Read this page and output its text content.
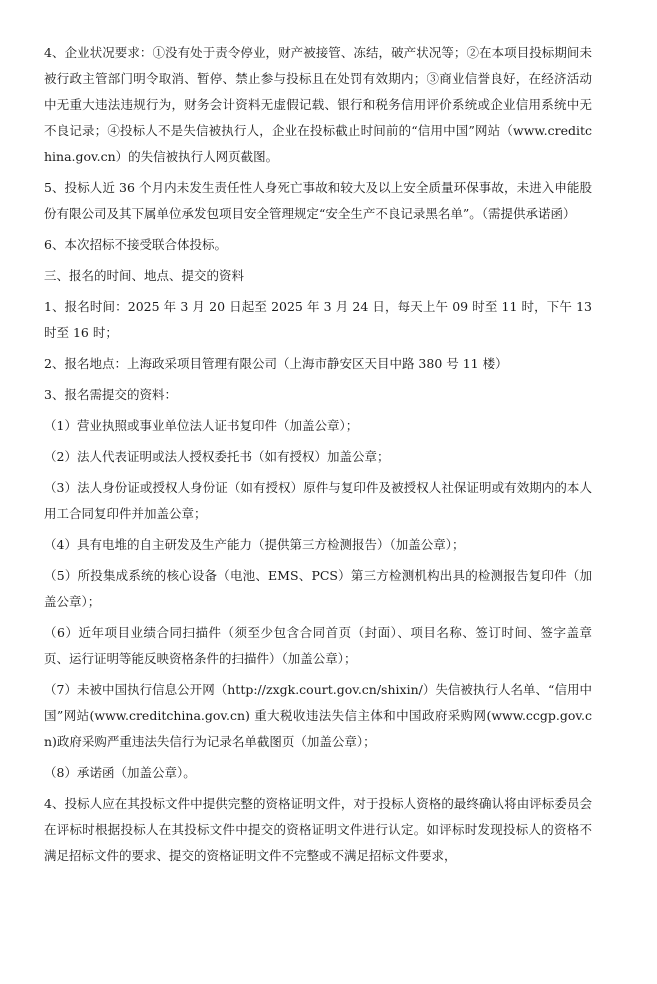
4、企业状况要求：①没有处于责令停业，财产被接管、冻结，破产状况等；②在本项目投标期间未被行政主管部门明令取消、暂停、禁止参与投标且在处罚有效期内；③商业信誉良好，在经济活动中无重大违法违规行为，财务会计资料无虚假记载、银行和税务信用评价系统或企业信用系统中无不良记录；④投标人不是失信被执行人，企业在投标截止时间前的“信用中国”网站（www.creditchina.gov.cn）的失信被执行人网页截图。

5、投标人近 36 个月内未发生责任性人身死亡事故和较大及以上安全质量环保事故，未进入申能股份有限公司及其下属单位承发包项目安全管理规定“安全生产不良记录黑名单”。（需提供承诺函）

6、本次招标不接受联合体投标。

三、报名的时间、地点、提交的资料

1、报名时间：2025 年 3 月 20 日起至 2025 年 3 月 24 日，每天上午 09 时至 11 时，下午 13 时至 16 时；

2、报名地点：上海政采项目管理有限公司（上海市静安区天目中路 380 号 11 楼）

3、报名需提交的资料：

（1）营业执照或事业单位法人证书复印件（加盖公章）；

（2）法人代表证明或法人授权委托书（如有授权）加盖公章；

（3）法人身份证或授权人身份证（如有授权）原件与复印件及被授权人社保证明或有效期内的本人用工合同复印件并加盖公章；

（4）具有电堆的自主研发及生产能力（提供第三方检测报告）（加盖公章）；

（5）所投集成系统的核心设备（电池、EMS、PCS）第三方检测机构出具的检测报告复印件（加盖公章）；

（6）近年项目业绩合同扫描件（须至少包含合同首页（封面）、项目名称、签订时间、签字盖章页、运行证明等能反映资格条件的扫描件）（加盖公章）；

（7）未被中国执行信息公开网（http://zxgk.court.gov.cn/shixin/）失信被执行人名单、“信用中国”网站(www.creditchina.gov.cn) 重大税收违法失信主体和中国政府采购网(www.ccgp.gov.cn)政府采购严重违法失信行为记录名单截图页（加盖公章）；

（8）承诺函（加盖公章）。

4、投标人应在其投标文件中提供完整的资格证明文件，对于投标人资格的最终确认将由评标委员会在评标时根据投标人在其投标文件中提交的资格证明文件进行认定。如评标时发现投标人的资格不满足招标文件的要求、提交的资格证明文件不完整或不满足招标文件要求，
